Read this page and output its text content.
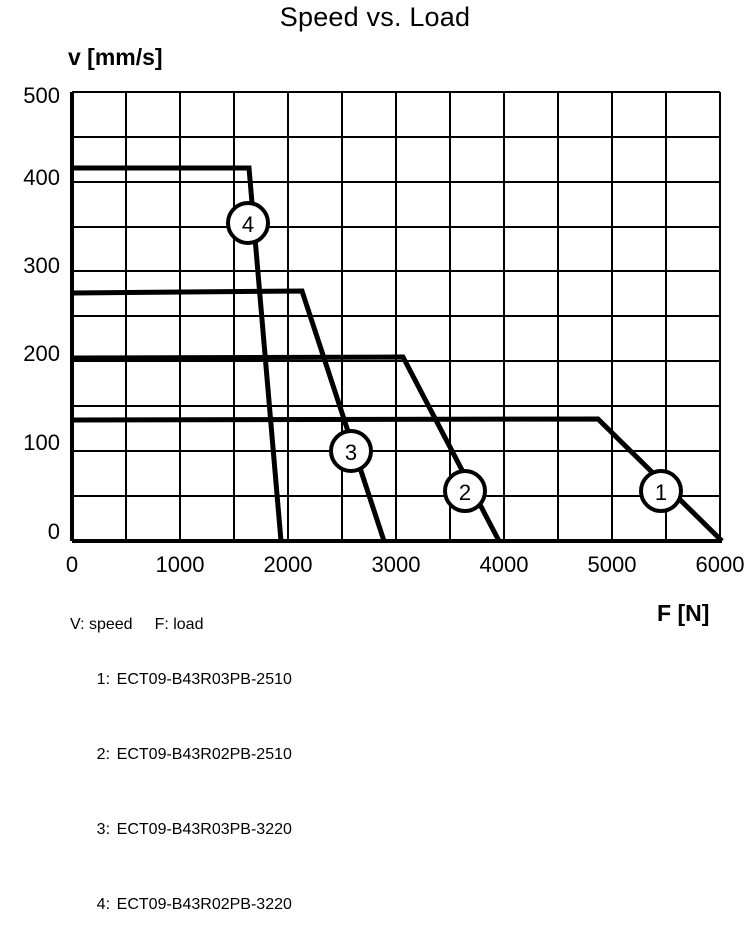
Speed vs. Load
v [mm/s]
F [N]
500
400
300
200
100
0
0	1000	2000	3000	4000	5000	6000
4
3
2	1
V: speed F: load

1: ECT09-B43R03PB-2510

2: ECT09-B43R02PB-2510

3: ECT09-B43R03PB-3220

4: ECT09-B43R02PB-3220
